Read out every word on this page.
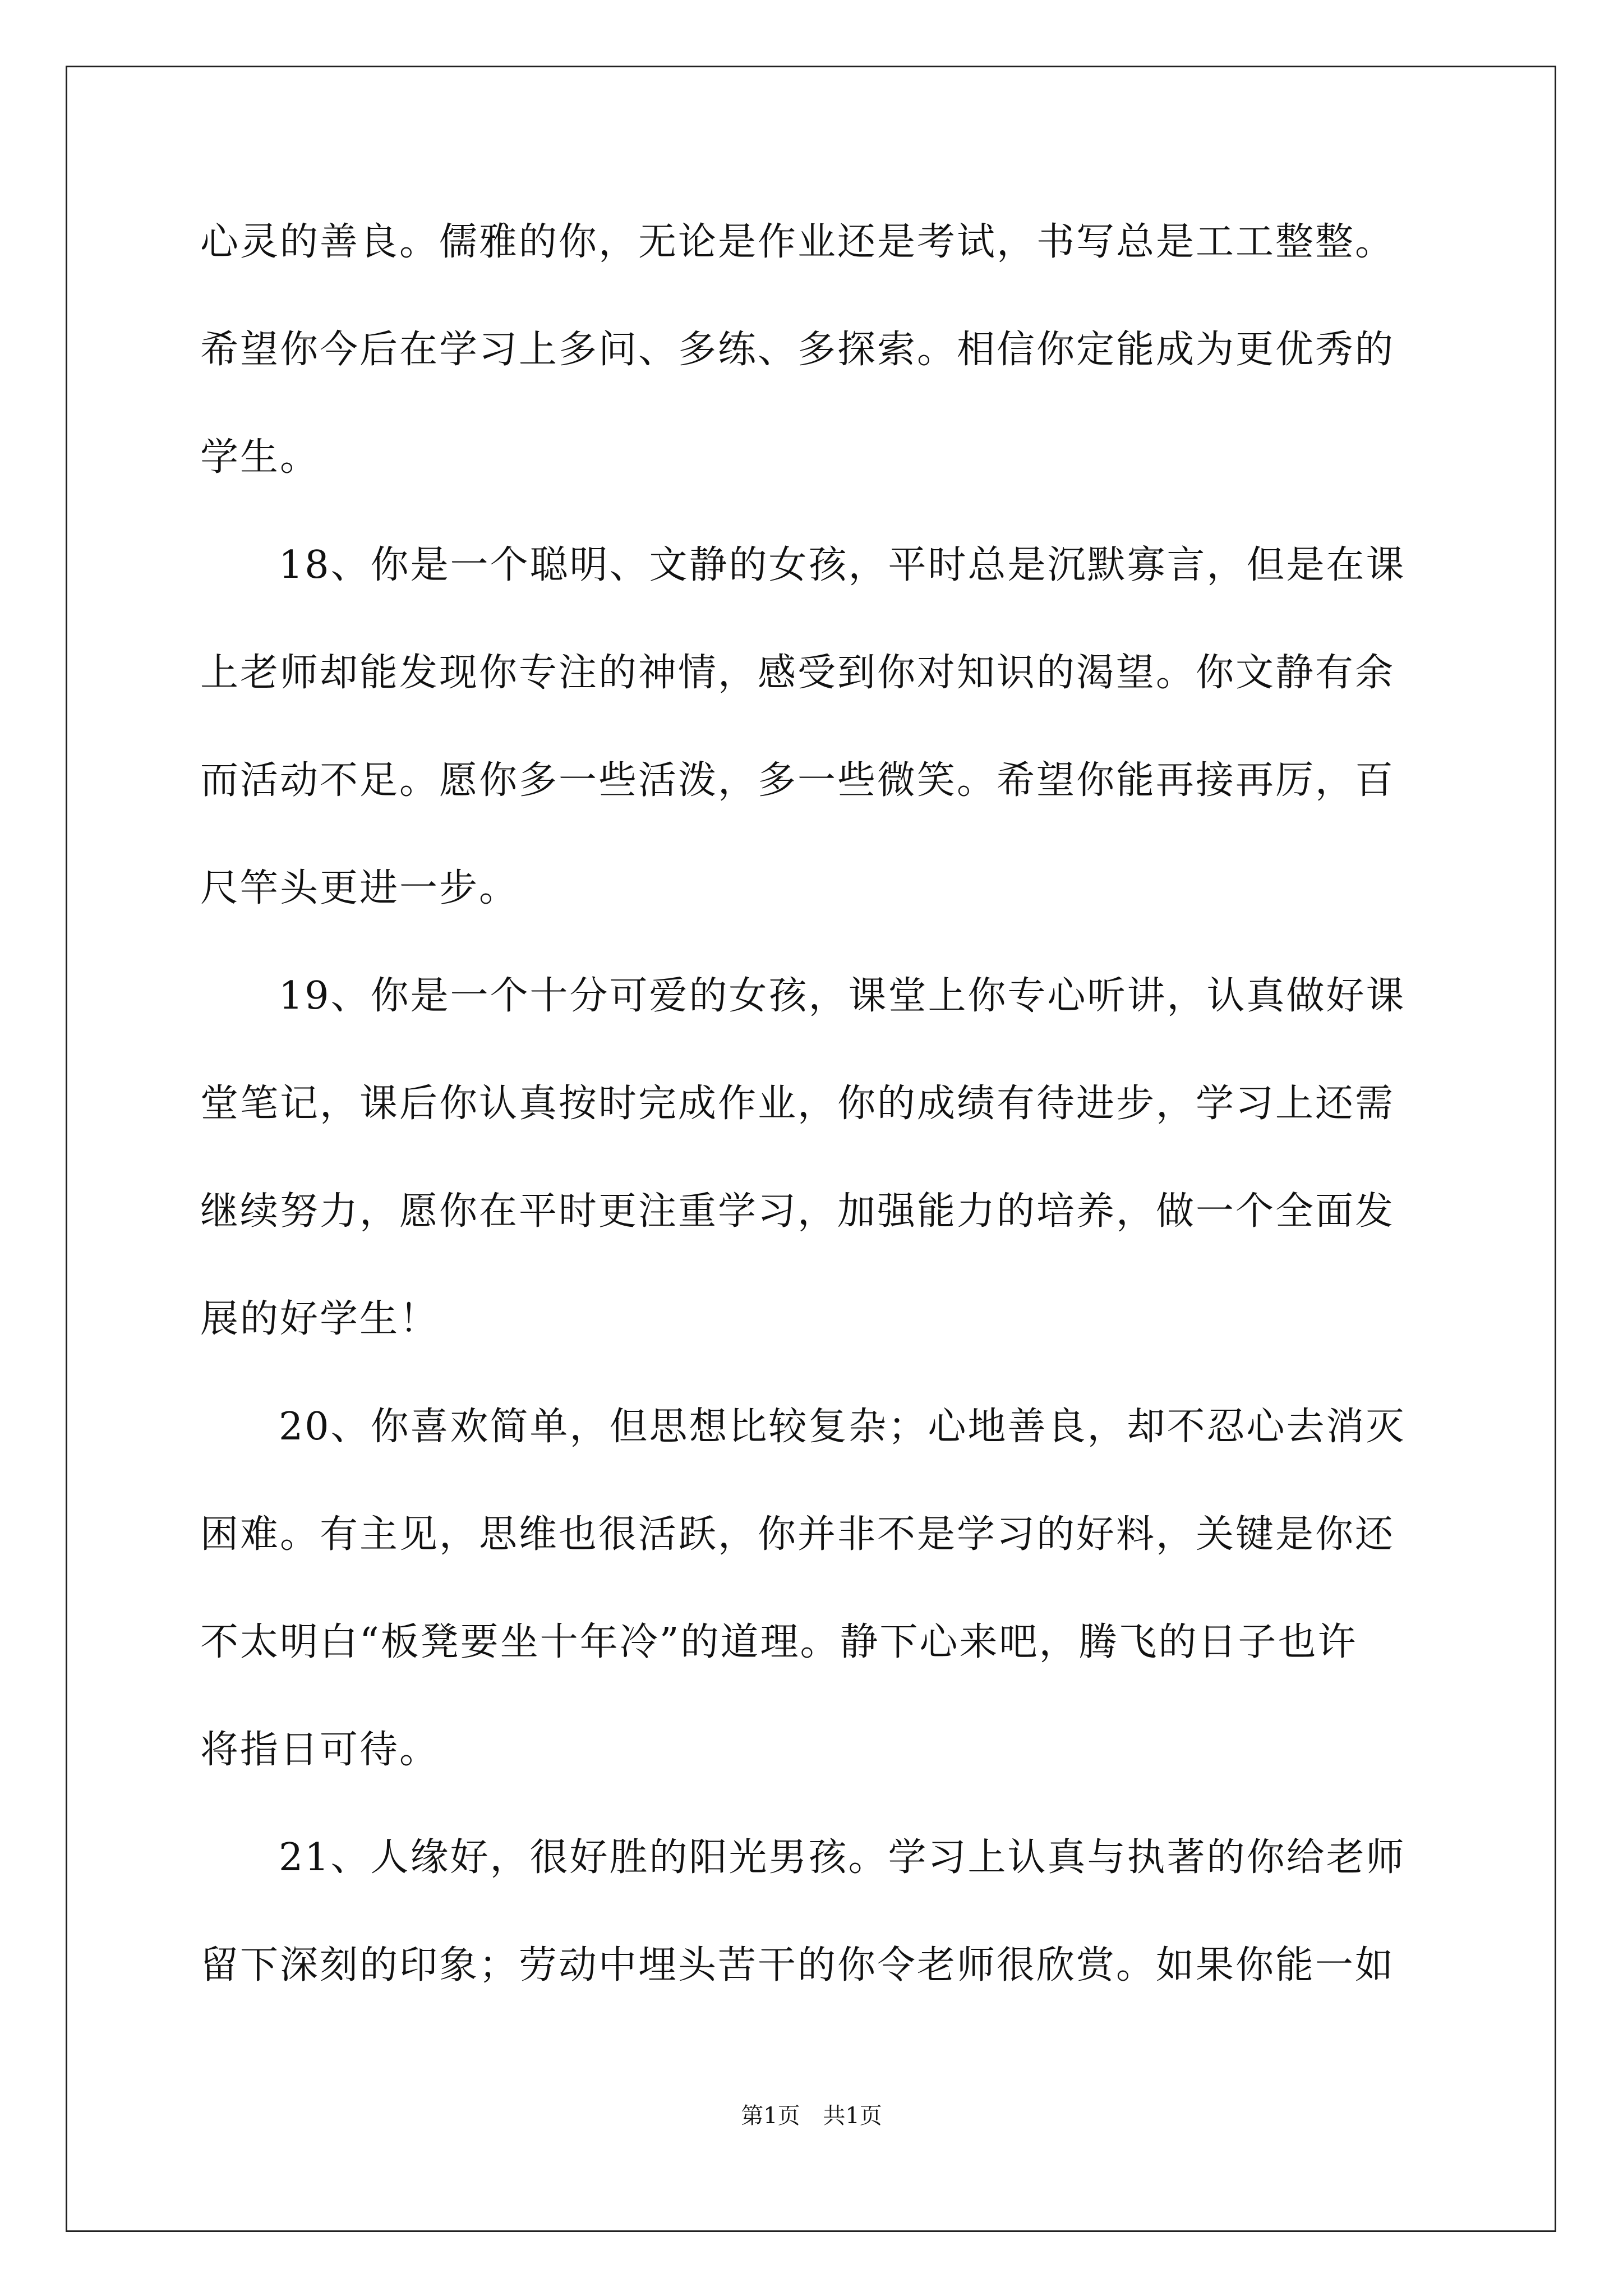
心灵的善良。儒雅的你，无论是作业还是考试，书写总是工工整整。
希望你今后在学习上多问、多练、多探索。相信你定能成为更优秀的
学生。
18、你是一个聪明、文静的女孩，平时总是沉默寡言，但是在课
上老师却能发现你专注的神情，感受到你对知识的渴望。你文静有余
而活动不足。愿你多一些活泼，多一些微笑。希望你能再接再厉，百
尺竿头更进一步。
19、你是一个十分可爱的女孩，课堂上你专心听讲，认真做好课
堂笔记，课后你认真按时完成作业，你的成绩有待进步，学习上还需
继续努力，愿你在平时更注重学习，加强能力的培养，做一个全面发
展的好学生！
20、你喜欢简单，但思想比较复杂；心地善良，却不忍心去消灭
困难。有主见，思维也很活跃，你并非不是学习的好料，关键是你还
不太明白“板凳要坐十年冷”的道理。静下心来吧，腾飞的日子也许
将指日可待。
21、人缘好，很好胜的阳光男孩。学习上认真与执著的你给老师
留下深刻的印象；劳动中埋头苦干的你令老师很欣赏。如果你能一如
第1页 共1页
